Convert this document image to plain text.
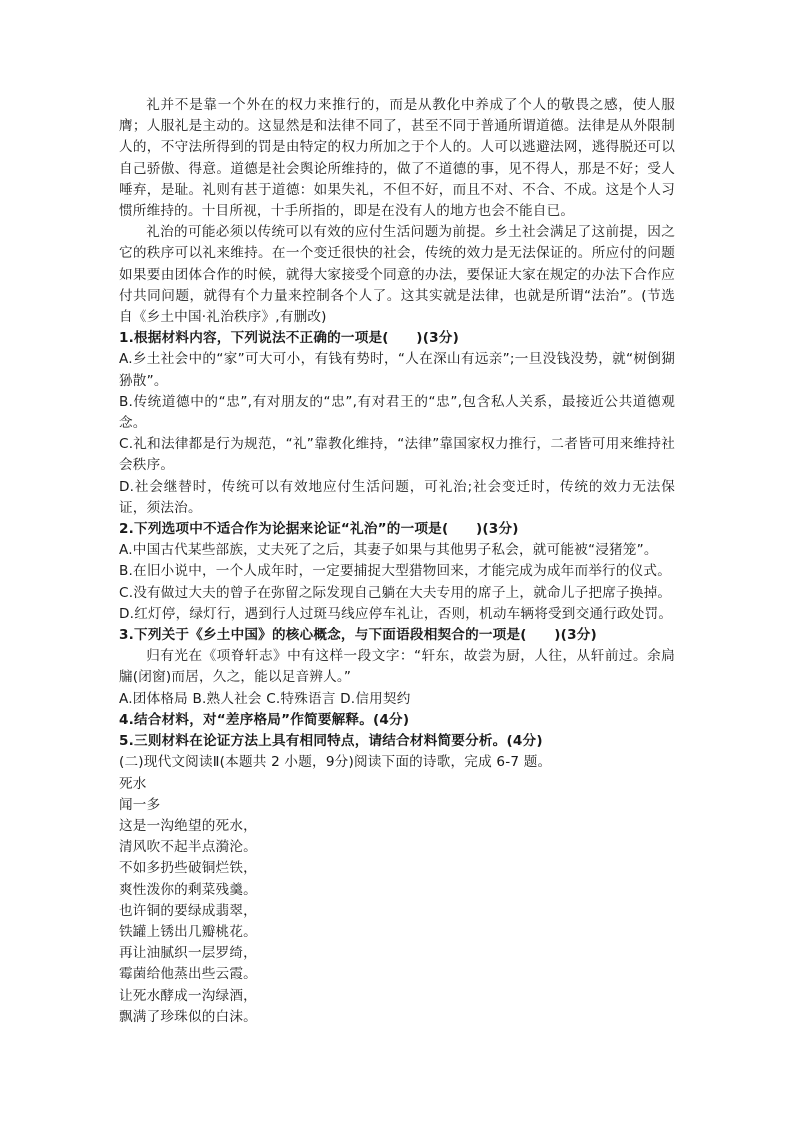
礼并不是靠一个外在的权力来推行的，而是从教化中养成了个人的敬畏之感，使人服膺；人服礼是主动的。这显然是和法律不同了，甚至不同于普通所谓道德。法律是从外限制人的，不守法所得到的罚是由特定的权力所加之于个人的。人可以逃避法网，逃得脱还可以自己骄傲、得意。道德是社会舆论所维持的，做了不道德的事，见不得人，那是不好；受人唾弃，是耻。礼则有甚于道德：如果失礼，不但不好，而且不对、不合、不成。这是个人习惯所维持的。十目所视，十手所指的，即是在没有人的地方也会不能自已。

礼治的可能必须以传统可以有效的应付生活问题为前提。乡土社会满足了这前提，因之它的秩序可以礼来维持。在一个变迁很快的社会，传统的效力是无法保证的。所应付的问题如果要由团体合作的时候，就得大家接受个同意的办法，要保证大家在规定的办法下合作应付共同问题，就得有个力量来控制各个人了。这其实就是法律，也就是所谓“法治”。(节选自《乡土中国·礼治秩序》,有删改)

1.根据材料内容，下列说法不正确的一项是(　　)(3分)

A.乡土社会中的“家”可大可小，有钱有势时，“人在深山有远亲”;一旦没钱没势，就“树倒猢狲散”。

B.传统道德中的“忠”,有对朋友的“忠”,有对君王的“忠”,包含私人关系，最接近公共道德观念。

C.礼和法律都是行为规范，“礼”靠教化维持，“法律”靠国家权力推行，二者皆可用来维持社会秩序。

D.社会继替时，传统可以有效地应付生活问题，可礼治;社会变迁时，传统的效力无法保证，须法治。

2.下列选项中不适合作为论据来论证“礼治”的一项是(　　)(3分)

A.中国古代某些部族，丈夫死了之后，其妻子如果与其他男子私会，就可能被“浸猪笼”。

B.在旧小说中，一个人成年时，一定要捕捉大型猎物回来，才能完成为成年而举行的仪式。

C.没有做过大夫的曾子在弥留之际发现自己躺在大夫专用的席子上，就命儿子把席子换掉。

D.红灯停，绿灯行，遇到行人过斑马线应停车礼让，否则，机动车辆将受到交通行政处罚。

3.下列关于《乡土中国》的核心概念，与下面语段相契合的一项是(　　)(3分)

归有光在《项脊轩志》中有这样一段文字：“轩东，故尝为厨，人往，从轩前过。余扃牖(闭窗)而居，久之，能以足音辨人。”

A.团体格局 B.熟人社会 C.特殊语言 D.信用契约

4.结合材料，对“差序格局”作简要解释。(4分)

5.三则材料在论证方法上具有相同特点，请结合材料简要分析。(4分)

(二)现代文阅读Ⅱ(本题共 2 小题，9分)阅读下面的诗歌，完成 6-7 题。

死水

闻一多

这是一沟绝望的死水，

清风吹不起半点漪沦。

不如多扔些破铜烂铁，

爽性泼你的剩菜残羹。

也许铜的要绿成翡翠，

铁罐上锈出几瓣桃花。

再让油腻织一层罗绮，

霉菌给他蒸出些云霞。

让死水酵成一沟绿酒，

飘满了珍珠似的白沫。
